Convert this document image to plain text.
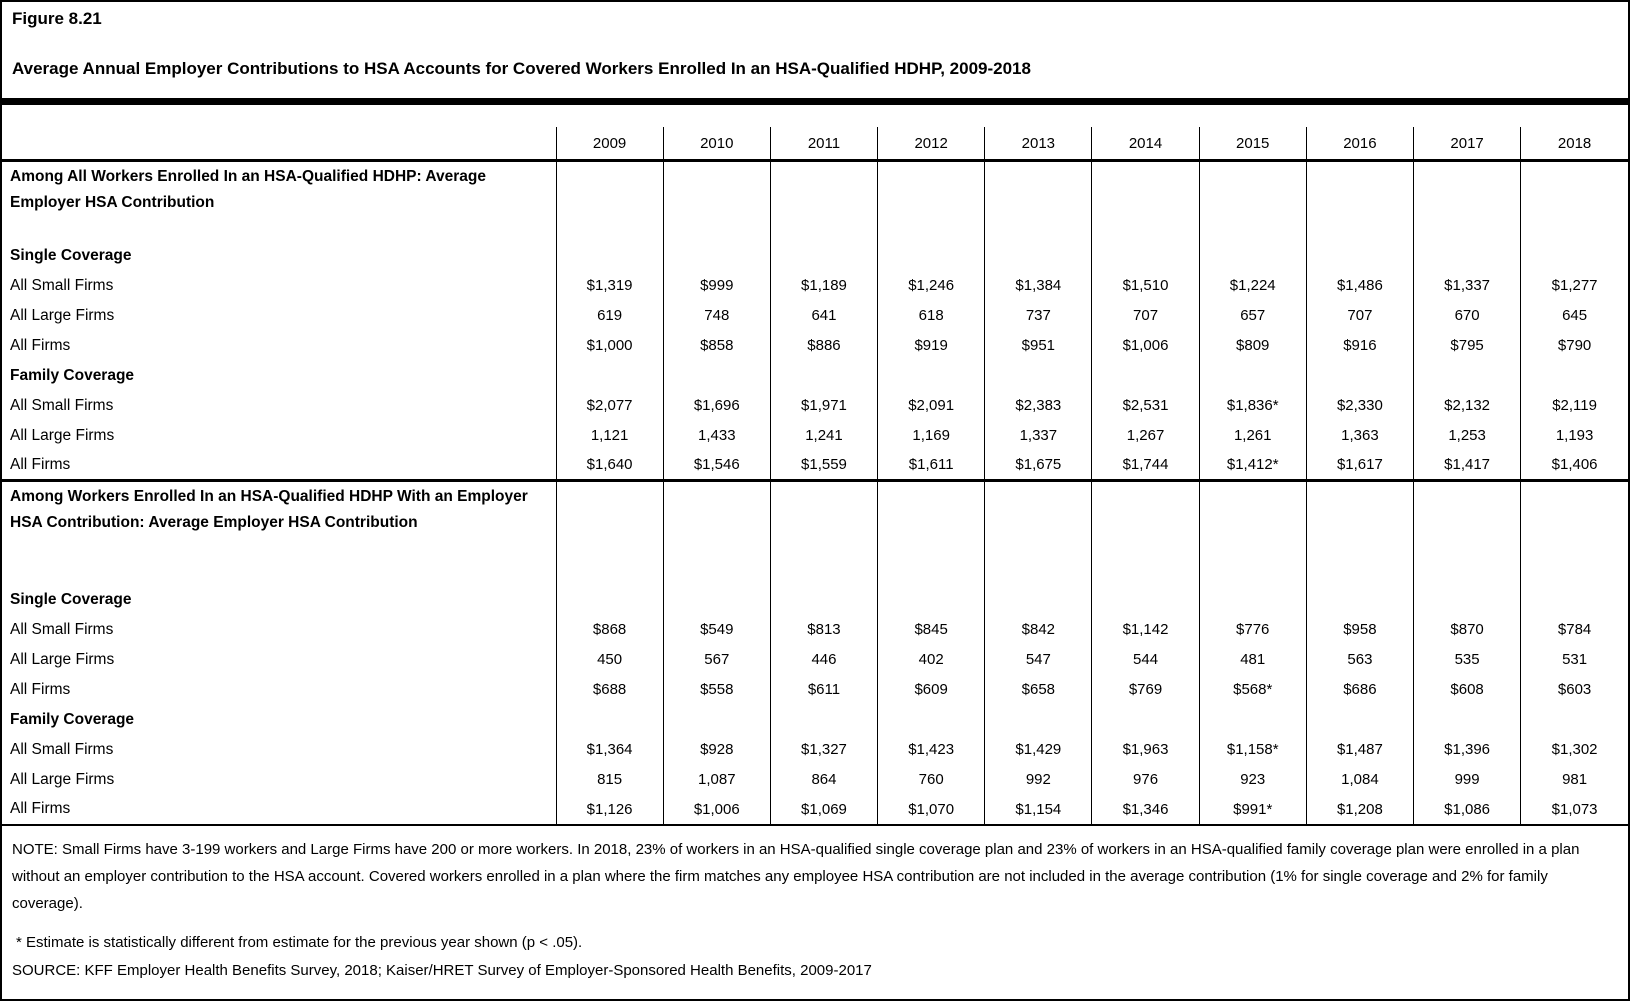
Figure 8.21
Average Annual Employer Contributions to HSA Accounts for Covered Workers Enrolled In an HSA-Qualified HDHP, 2009-2018
	2009	2010	2011	2012	2013	2014	2015	2016	2017	2018
Among All Workers Enrolled In an HSA-Qualified HDHP: Average Employer HSA Contribution										
Single Coverage										
All Small Firms	$1,319	$999	$1,189	$1,246	$1,384	$1,510	$1,224	$1,486	$1,337	$1,277
All Large Firms	619	748	641	618	737	707	657	707	670	645
All Firms	$1,000	$858	$886	$919	$951	$1,006	$809	$916	$795	$790
Family Coverage										
All Small Firms	$2,077	$1,696	$1,971	$2,091	$2,383	$2,531	$1,836*	$2,330	$2,132	$2,119
All Large Firms	1,121	1,433	1,241	1,169	1,337	1,267	1,261	1,363	1,253	1,193
All Firms	$1,640	$1,546	$1,559	$1,611	$1,675	$1,744	$1,412*	$1,617	$1,417	$1,406
Among Workers Enrolled In an HSA-Qualified HDHP With an Employer HSA Contribution: Average Employer HSA Contribution										
Single Coverage										
All Small Firms	$868	$549	$813	$845	$842	$1,142	$776	$958	$870	$784
All Large Firms	450	567	446	402	547	544	481	563	535	531
All Firms	$688	$558	$611	$609	$658	$769	$568*	$686	$608	$603
Family Coverage										
All Small Firms	$1,364	$928	$1,327	$1,423	$1,429	$1,963	$1,158*	$1,487	$1,396	$1,302
All Large Firms	815	1,087	864	760	992	976	923	1,084	999	981
All Firms	$1,126	$1,006	$1,069	$1,070	$1,154	$1,346	$991*	$1,208	$1,086	$1,073
NOTE: Small Firms have 3-199 workers and Large Firms have 200 or more workers. In 2018, 23% of workers in an HSA-qualified single coverage plan and 23% of workers in an HSA-qualified family coverage plan were enrolled in a plan without an employer contribution to the HSA account. Covered workers enrolled in a plan where the firm matches any employee HSA contribution are not included in the average contribution (1% for single coverage and 2% for family coverage).
* Estimate is statistically different from estimate for the previous year shown (p < .05).
SOURCE: KFF Employer Health Benefits Survey, 2018; Kaiser/HRET Survey of Employer-Sponsored Health Benefits, 2009-2017
